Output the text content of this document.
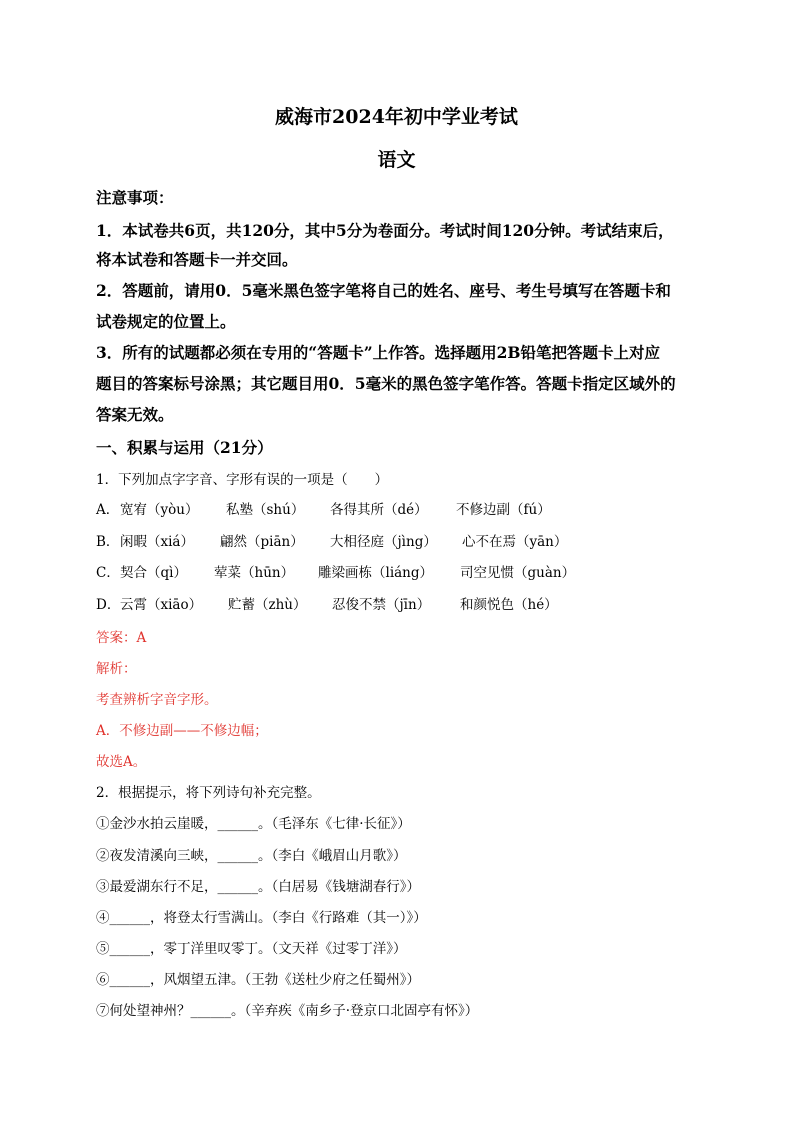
威海市2024年初中学业考试
语文
注意事项：
1．本试卷共6页，共120分，其中5分为卷面分。考试时间120分钟。考试结束后，
将本试卷和答题卡一并交回。
2．答题前，请用0．5毫米黑色签字笔将自己的姓名、座号、考生号填写在答题卡和
试卷规定的位置上。
3．所有的试题都必须在专用的“答题卡”上作答。选择题用2B铅笔把答题卡上对应
题目的答案标号涂黑；其它题目用0．5毫米的黑色签字笔作答。答题卡指定区域外的
答案无效。
一、积累与运用（21分）
1．下列加点字字音、字形有误的一项是（　　）
A． 宽宥（yòu） 私塾（shú） 各得其所（dé） 不修边副（fú）
B． 闲暇（xiá） 翩然（piān） 大相径庭（jìng） 心不在焉（yān）
C． 契合（qì） 荤菜（hūn） 雕梁画栋（liáng） 司空见惯（guàn）
D． 云霄（xiāo） 贮蓄（zhù） 忍俊不禁（jīn） 和颜悦色（hé）
答案：A
解析：
考查辨析字音字形。
A．不修边副——不修边幅；
故选A。
2．根据提示，将下列诗句补充完整。
①金沙水拍云崖暖，______。（毛泽东《七律·长征》）
②夜发清溪向三峡，______。（李白《峨眉山月歌》）
③最爱湖东行不足，______。（白居易《钱塘湖春行》）
④______，将登太行雪满山。（李白《行路难（其一）》）
⑤______，零丁洋里叹零丁。（文天祥《过零丁洋》）
⑥______，风烟望五津。（王勃《送杜少府之任蜀州》）
⑦何处望神州？______。（辛弃疾《南乡子·登京口北固亭有怀》）
